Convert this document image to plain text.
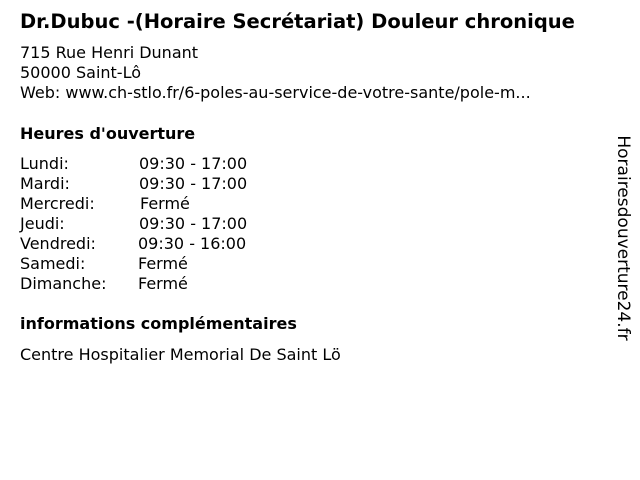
Dr.Dubuc -(Horaire Secrétariat) Douleur chronique
715 Rue Henri Dunant
50000 Saint-Lô
Web: www.ch-stlo.fr/6-poles-au-service-de-votre-sante/pole-m...
Heures d'ouverture
Lundi:	09:30 - 17:00
Mardi:	09:30 - 17:00
Mercredi:	Fermé
Jeudi:	09:30 - 17:00
Vendredi:	09:30 - 16:00
Samedi:	Fermé
Dimanche: Fermé
informations complémentaires
Centre Hospitalier Memorial De Saint Lö
Horairesdouverture24.fr
